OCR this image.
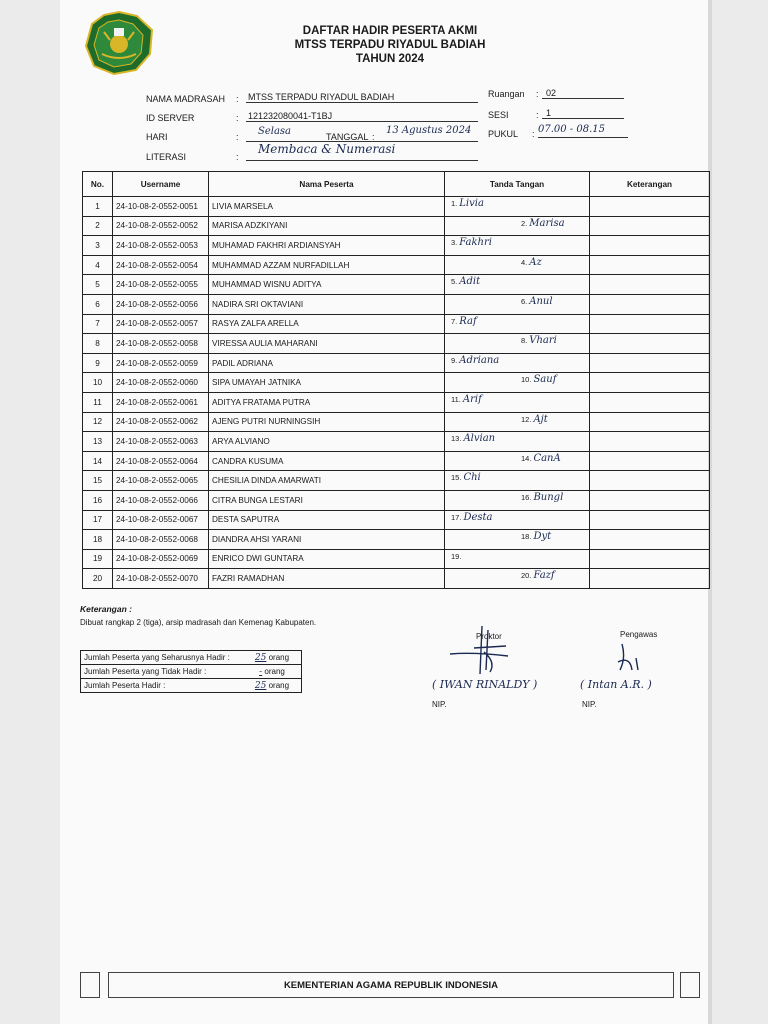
DAFTAR HADIR PESERTA AKMI
MTSS TERPADU RIYADUL BADIAH
TAHUN 2024
NAMA MADRASAH : MTSS TERPADU RIYADUL BADIAH
ID SERVER	: 121232080041-T1BJ
HARI	: Selasa	TANGGAL :
13 Agustus 2024
LITERASI	:
Membaca & Numerasi
Ruangan : 02
SESI	: 1
PUKUL : 07.00 - 08.15
No.	Username	Nama Peserta	Tanda Tangan	Keterangan
1	24-10-08-2-0552-0051	LIVIA MARSELA	1. Livia	

2	24-10-08-2-0552-0052	MARISA ADZKIYANI	2. Marisa	

3	24-10-08-2-0552-0053	MUHAMAD FAKHRI ARDIANSYAH	3. Fakhri	

4	24-10-08-2-0552-0054	MUHAMMAD AZZAM NURFADILLAH	4. Az	

5	24-10-08-2-0552-0055	MUHAMMAD WISNU ADITYA	5. Adit	

6	24-10-08-2-0552-0056	NADIRA SRI OKTAVIANI	6. Anul	

7	24-10-08-2-0552-0057	RASYA ZALFA ARELLA	7. Raf	

8	24-10-08-2-0552-0058	VIRESSA AULIA MAHARANI	8. Vhari	

9	24-10-08-2-0552-0059	PADIL ADRIANA	9. Adriana	

10	24-10-08-2-0552-0060	SIPA UMAYAH JATNIKA	10. Sauf	

11	24-10-08-2-0552-0061	ADITYA FRATAMA PUTRA	11. Arif	

12	24-10-08-2-0552-0062	AJENG PUTRI NURNINGSIH	12. Ajt	

13	24-10-08-2-0552-0063	ARYA ALVIANO	13. Alvian	

14	24-10-08-2-0552-0064	CANDRA KUSUMA	14. CanA	

15	24-10-08-2-0552-0065	CHESILIA DINDA AMARWATI	15. Chi	

16	24-10-08-2-0552-0066	CITRA BUNGA LESTARI	16. Bungl	

17	24-10-08-2-0552-0067	DESTA SAPUTRA	17. Desta	

18	24-10-08-2-0552-0068	DIANDRA AHSI YARANI	18. Dyt	

19	24-10-08-2-0552-0069	ENRICO DWI GUNTARA	19.	

20	24-10-08-2-0552-0070	FAZRI RAMADHAN	20. Fazf	

Keterangan :
Dibuat rangkap 2 (tiga), arsip madrasah dan Kemenag Kabupaten.
Jumlah Peserta yang Seharusnya Hadir :	25 orang
Jumlah Peserta yang Tidak Hadir :	- orang
Jumlah Peserta Hadir :	25 orang
Proktor
( IWAN RINALDY )
NIP.
Pengawas
( Intan A.R. )
NIP.
KEMENTERIAN AGAMA REPUBLIK INDONESIA
